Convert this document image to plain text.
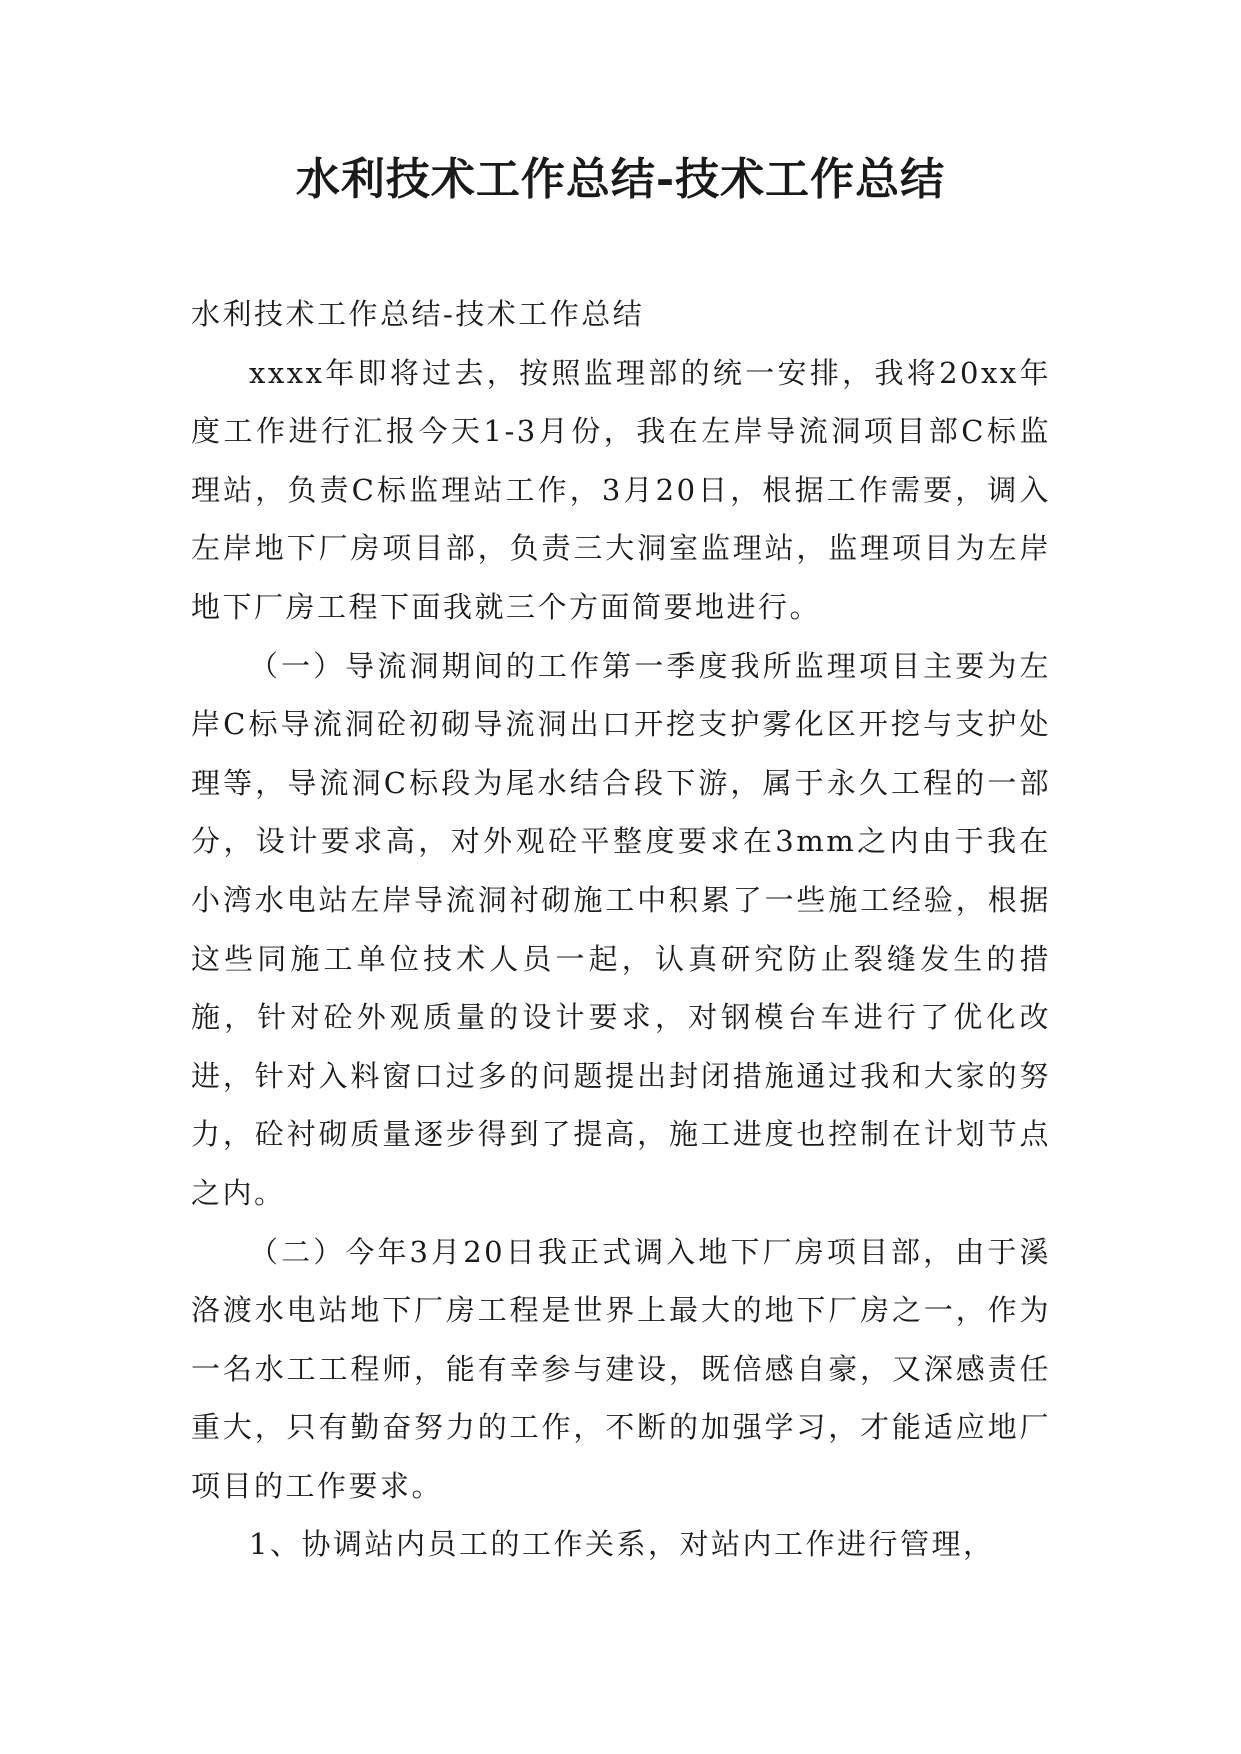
水利技术工作总结-技术工作总结

水利技术工作总结-技术工作总结

xxxx年即将过去，按照监理部的统一安排，我将20xx年度工作进行汇报今天1-3月份，我在左岸导流洞项目部C标监理站，负责C标监理站工作，3月20日，根据工作需要，调入左岸地下厂房项目部，负责三大洞室监理站，监理项目为左岸地下厂房工程下面我就三个方面简要地进行。

（一）导流洞期间的工作第一季度我所监理项目主要为左岸C标导流洞砼初砌导流洞出口开挖支护雾化区开挖与支护处理等，导流洞C标段为尾水结合段下游，属于永久工程的一部分，设计要求高，对外观砼平整度要求在3mm之内由于我在小湾水电站左岸导流洞衬砌施工中积累了一些施工经验，根据这些同施工单位技术人员一起，认真研究防止裂缝发生的措施，针对砼外观质量的设计要求，对钢模台车进行了优化改进，针对入料窗口过多的问题提出封闭措施通过我和大家的努力，砼衬砌质量逐步得到了提高，施工进度也控制在计划节点之内。

（二）今年3月20日我正式调入地下厂房项目部，由于溪洛渡水电站地下厂房工程是世界上最大的地下厂房之一，作为一名水工工程师，能有幸参与建设，既倍感自豪，又深感责任重大，只有勤奋努力的工作，不断的加强学习，才能适应地厂项目的工作要求。

1、协调站内员工的工作关系，对站内工作进行管理，
